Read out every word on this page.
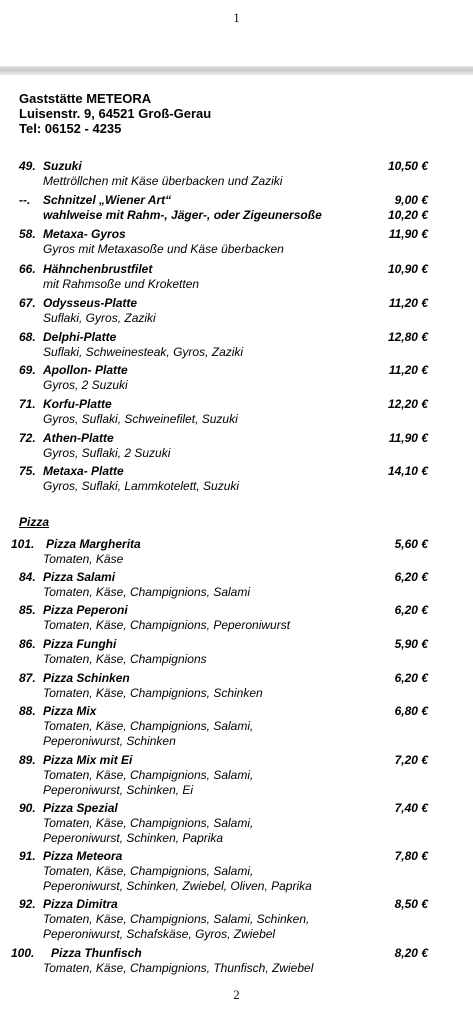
1
Gaststätte METEORA
Luisenstr. 9, 64521 Groß-Gerau
Tel: 06152 - 4235
Pizza
49. Suzuki	10,50 €
Mettröllchen mit Käse überbacken und Zaziki
--. Schnitzel „Wiener Art“	9,00 €
wahlweise mit Rahm-, Jäger-, oder Zigeunersoße	10,20 €
58. Metaxa- Gyros	11,90 €
Gyros mit Metaxasoße und Käse überbacken
66. Hähnchenbrustfilet	10,90 €
mit Rahmsoße und Kroketten
67. Odysseus-Platte	11,20 €
Suflaki, Gyros, Zaziki
68. Delphi-Platte	12,80 €
Suflaki, Schweinesteak, Gyros, Zaziki
69. Apollon- Platte	11,20 €
Gyros, 2 Suzuki
71. Korfu-Platte	12,20 €
Gyros, Suflaki, Schweinefilet, Suzuki
72. Athen-Platte	11,90 €
Gyros, Suflaki, 2 Suzuki
75. Metaxa- Platte	14,10 €
Gyros, Suflaki, Lammkotelett, Suzuki
101. Pizza Margherita	5,60 €
Tomaten, Käse
84. Pizza Salami	6,20 €
Tomaten, Käse, Champignions, Salami
85. Pizza Peperoni	6,20 €
Tomaten, Käse, Champignions, Peperoniwurst
86. Pizza Funghi	5,90 €
Tomaten, Käse, Champignions
87. Pizza Schinken	6,20 €
Tomaten, Käse, Champignions, Schinken
88. Pizza Mix	6,80 €
Tomaten, Käse, Champignions, Salami,
Peperoniwurst, Schinken
89. Pizza Mix mit Ei	7,20 €
Tomaten, Käse, Champignions, Salami,
Peperoniwurst, Schinken, Ei
90. Pizza Spezial	7,40 €
Tomaten, Käse, Champignions, Salami,
Peperoniwurst, Schinken, Paprika
91. Pizza Meteora	7,80 €
Tomaten, Käse, Champignions, Salami,
Peperoniwurst, Schinken, Zwiebel, Oliven, Paprika
92. Pizza Dimitra	8,50 €
Tomaten, Käse, Champignions, Salami, Schinken,
Peperoniwurst, Schafskäse, Gyros, Zwiebel
100. Pizza Thunfisch	8,20 €
Tomaten, Käse, Champignions, Thunfisch, Zwiebel
2
